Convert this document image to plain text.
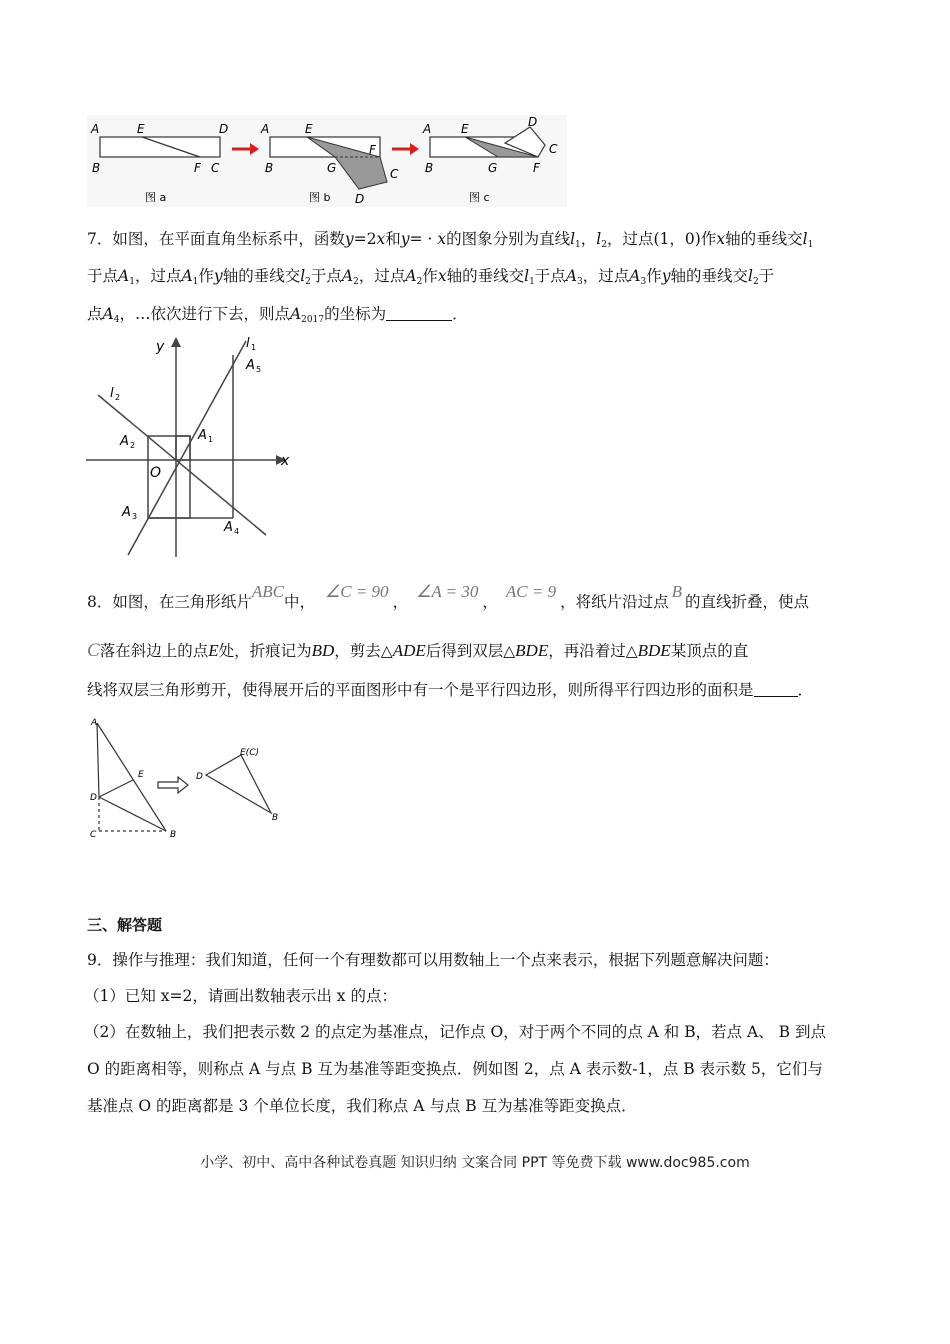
A	E	D
B	F C
图 a
A	E
F
B	G	C
D
图 b
A E	D
B	G	F
C
图 c
7．如图，在平面直角坐标系中，函数y=2x和y= · x的图象分别为直线$l_1$，$l_2$，过点(1，0)作x轴的垂线交$l_1$
于点$A_1$，过点$A_1$作y轴的垂线交$l_2$于点$A_2$，过点$A_2$作x轴的垂线交$l_1$于点$A_3$，过点$A_3$作y轴的垂线交$l_2$于
点$A_4$，…依次进行下去，则点$A_{2017}$的坐标为	．
y
x
O
l 1
l 2
A 1
A 2
A 3
A 4
A 5
8．如图，在三角形纸片ABC中，∠C = 90，∠A = 30，AC = 9，将纸片沿过点B的直线折叠，使点
C落在斜边上的点E处，折痕记为BD，剪去△ADE后得到双层△BDE，再沿着过△BDE某顶点的直
线将双层三角形剪开，使得展开后的平面图形中有一个是平行四边形，则所得平行四边形的面积是	．
A
E
D
C	B
D
E(C)
B
三、解答题
9．操作与推理：我们知道，任何一个有理数都可以用数轴上一个点来表示，根据下列题意解决问题：
（1）已知 x=2，请画出数轴表示出 x 的点：
（2）在数轴上，我们把表示数 2 的点定为基准点，记作点 O，对于两个不同的点 A 和 B，若点 A、 B 到点
O 的距离相等，则称点 A 与点 B 互为基准等距变换点．例如图 2，点 A 表示数-1，点 B 表示数 5，它们与
基准点 O 的距离都是 3 个单位长度，我们称点 A 与点 B 互为基准等距变换点．
小学、初中、高中各种试卷真题 知识归纳 文案合同 PPT 等免费下载 www.doc985.com
